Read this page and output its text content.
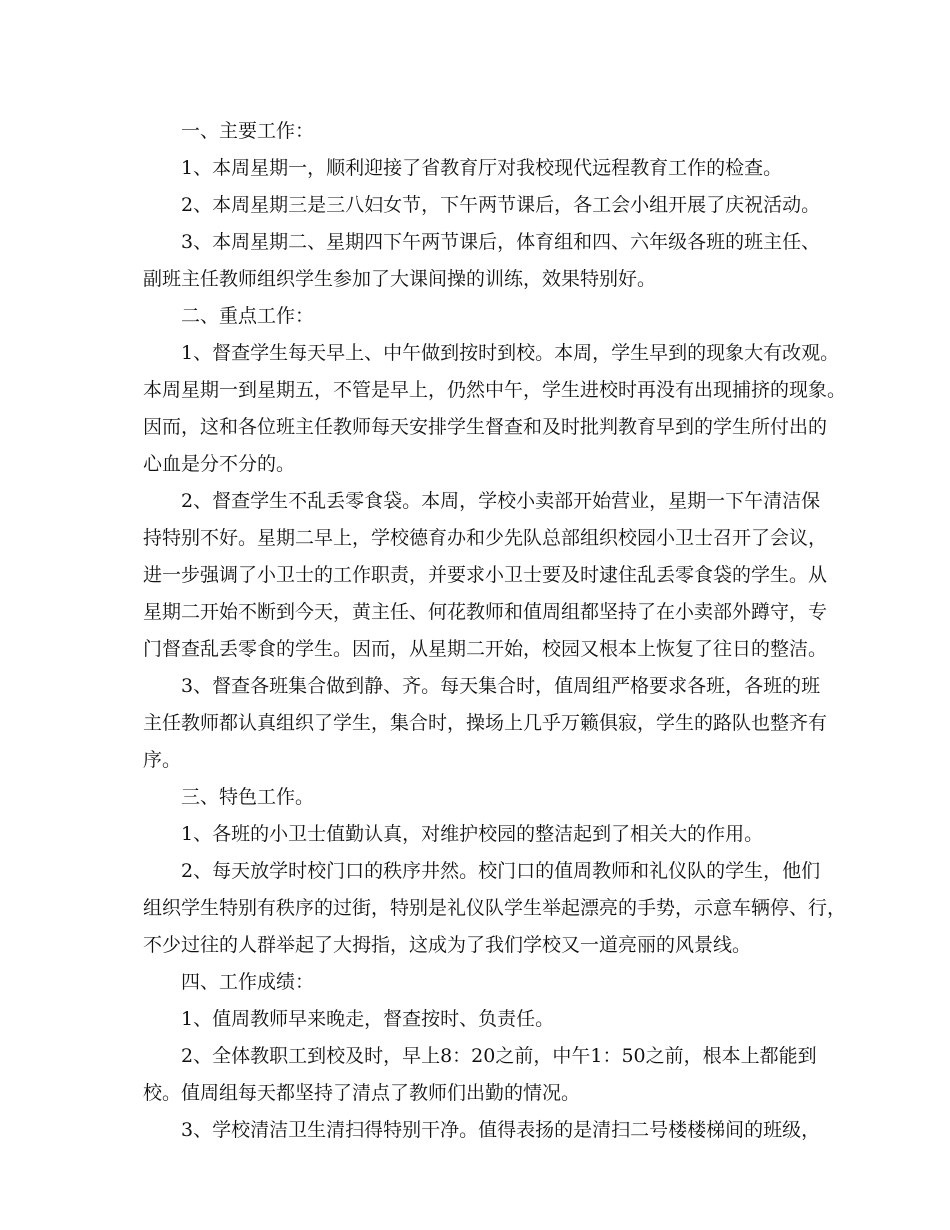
一、主要工作：
1、本周星期一，顺利迎接了省教育厅对我校现代远程教育工作的检查。
2、本周星期三是三八妇女节，下午两节课后，各工会小组开展了庆祝活动。
3、本周星期二、星期四下午两节课后，体育组和四、六年级各班的班主任、
副班主任教师组织学生参加了大课间操的训练，效果特别好。
二、重点工作：
1、督查学生每天早上、中午做到按时到校。本周，学生早到的现象大有改观。
本周星期一到星期五，不管是早上，仍然中午，学生进校时再没有出现捕挤的现象。
因而，这和各位班主任教师每天安排学生督查和及时批判教育早到的学生所付出的
心血是分不分的。
2、督查学生不乱丢零食袋。本周，学校小卖部开始营业，星期一下午清洁保
持特别不好。星期二早上，学校德育办和少先队总部组织校园小卫士召开了会议，
进一步强调了小卫士的工作职责，并要求小卫士要及时逮住乱丢零食袋的学生。从
星期二开始不断到今天，黄主任、何花教师和值周组都坚持了在小卖部外蹲守，专
门督查乱丢零食的学生。因而，从星期二开始，校园又根本上恢复了往日的整洁。
3、督查各班集合做到静、齐。每天集合时，值周组严格要求各班，各班的班
主任教师都认真组织了学生，集合时，操场上几乎万籁俱寂，学生的路队也整齐有
序。
三、特色工作。
1、各班的小卫士值勤认真，对维护校园的整洁起到了相关大的作用。
2、每天放学时校门口的秩序井然。校门口的值周教师和礼仪队的学生，他们
组织学生特别有秩序的过街，特别是礼仪队学生举起漂亮的手势，示意车辆停、行，
不少过往的人群举起了大拇指，这成为了我们学校又一道亮丽的风景线。
四、工作成绩：
1、值周教师早来晚走，督查按时、负责任。
2、全体教职工到校及时，早上8：20之前，中午1：50之前，根本上都能到
校。值周组每天都坚持了清点了教师们出勤的情况。
3、学校清洁卫生清扫得特别干净。值得表扬的是清扫二号楼楼梯间的班级，
